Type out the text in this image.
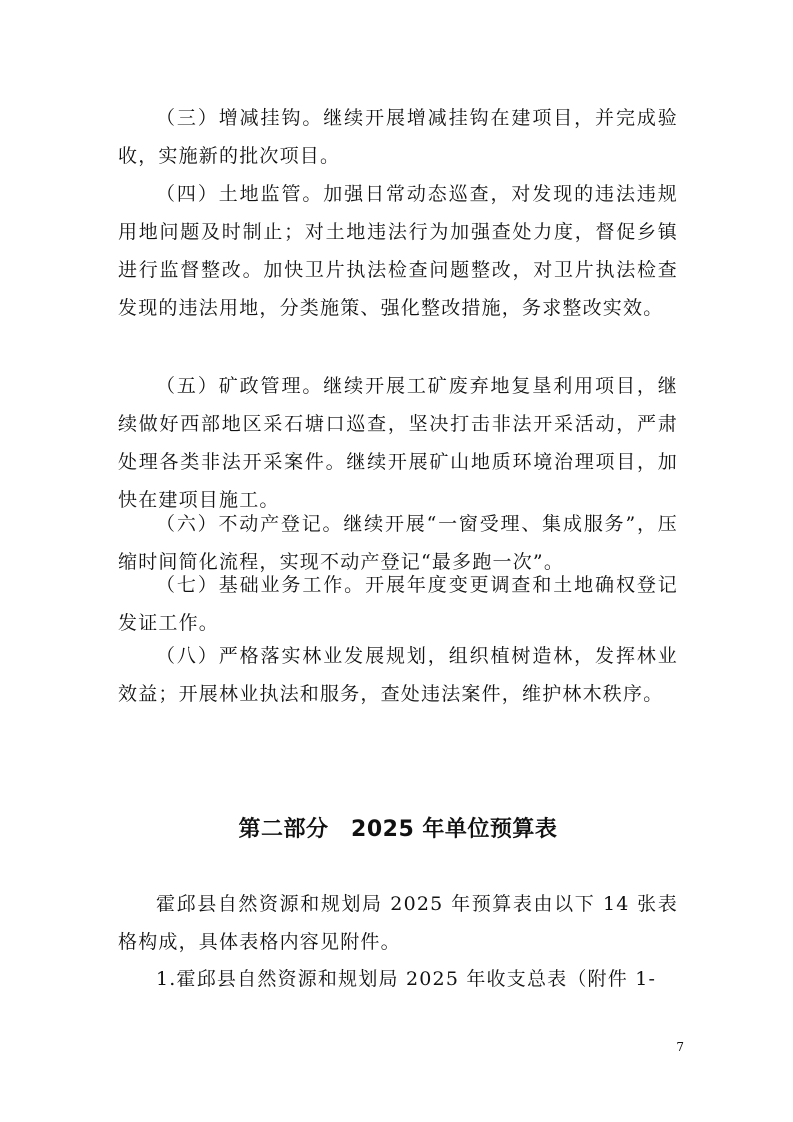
（三）增减挂钩。继续开展增减挂钩在建项目，并完成验收，实施新的批次项目。

（四）土地监管。加强日常动态巡查，对发现的违法违规用地问题及时制止；对土地违法行为加强查处力度，督促乡镇进行监督整改。加快卫片执法检查问题整改，对卫片执法检查发现的违法用地，分类施策、强化整改措施，务求整改实效。

（五）矿政管理。继续开展工矿废弃地复垦利用项目，继续做好西部地区采石塘口巡查，坚决打击非法开采活动，严肃处理各类非法开采案件。继续开展矿山地质环境治理项目，加快在建项目施工。

（六）不动产登记。继续开展“一窗受理、集成服务”，压缩时间简化流程，实现不动产登记“最多跑一次”。

（七）基础业务工作。开展年度变更调查和土地确权登记发证工作。

（八）严格落实林业发展规划，组织植树造林，发挥林业效益；开展林业执法和服务，查处违法案件，维护林木秩序。

第二部分　2025 年单位预算表

霍邱县自然资源和规划局 2025 年预算表由以下 14 张表格构成，具体表格内容见附件。

1.霍邱县自然资源和规划局 2025 年收支总表（附件 1-

7
